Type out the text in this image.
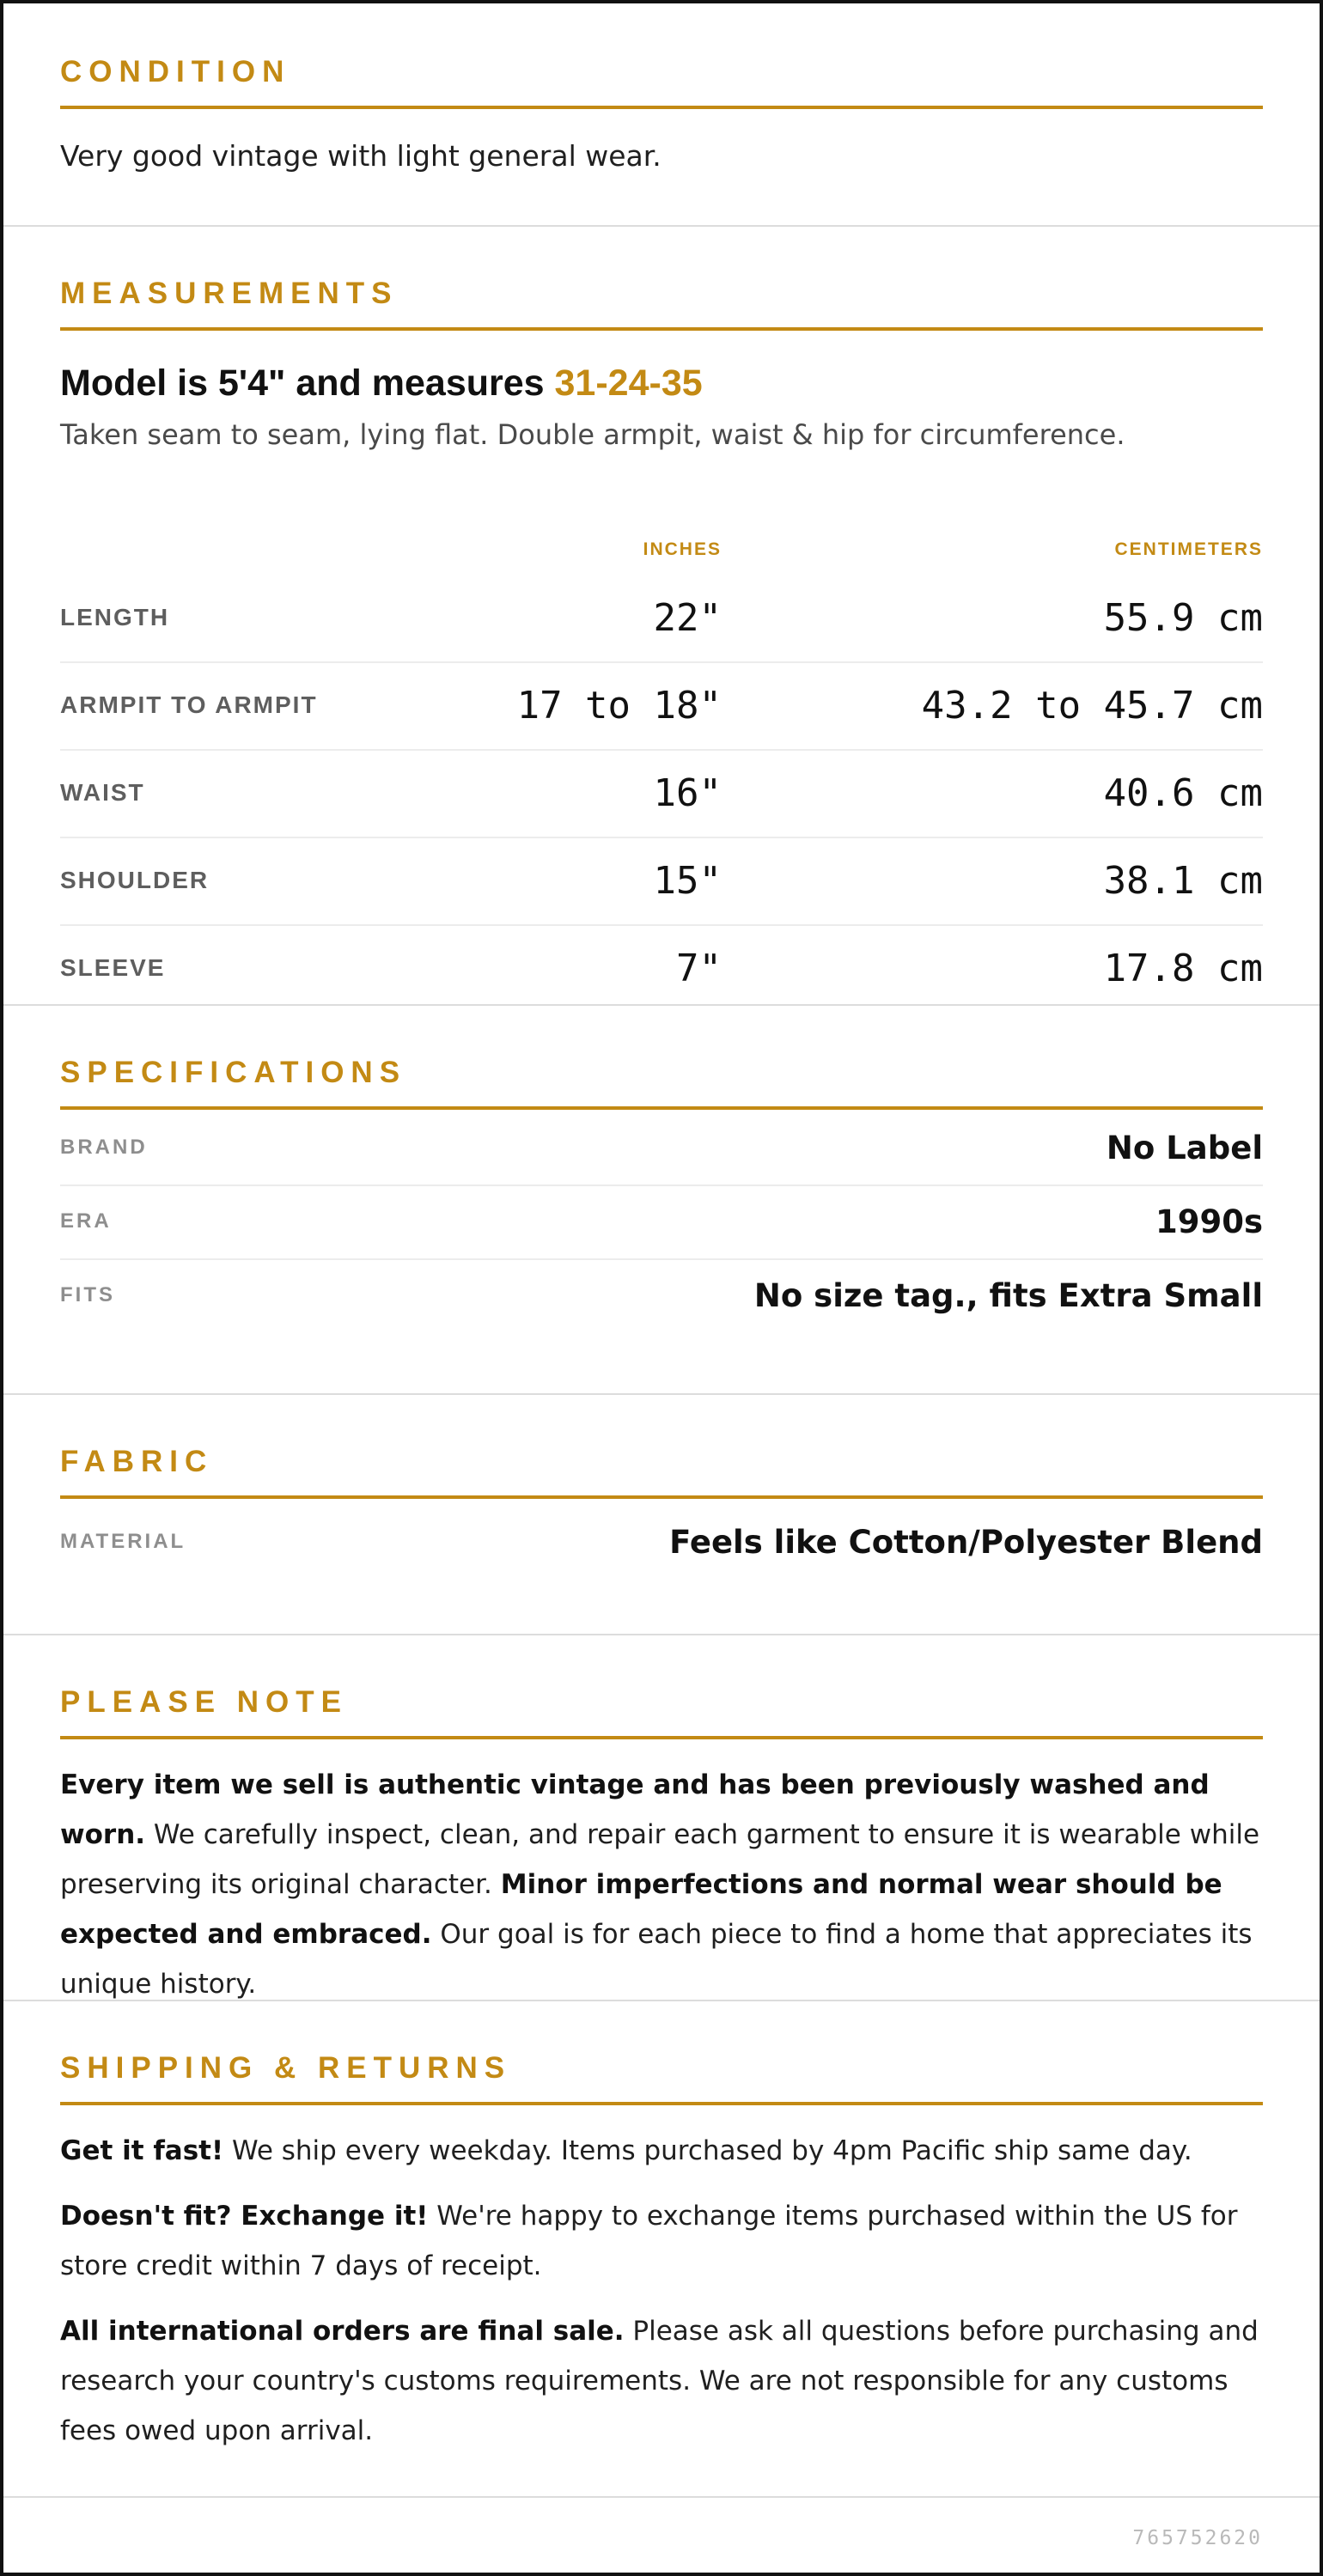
CONDITION

Very good vintage with light general wear.

MEASUREMENTS

Model is 5'4" and measures 31-24-35

Taken seam to seam, lying flat. Double armpit, waist & hip for circumference.

INCHES	CENTIMETERS
LENGTH	22"	55.9 cm
ARMPIT TO ARMPIT	17 to 18"	43.2 to 45.7 cm
WAIST	16"	40.6 cm
SHOULDER	15"	38.1 cm
SLEEVE	7"	17.8 cm
SPECIFICATIONS
BRAND	No Label
ERA	1990s
FITS	No size tag., fits Extra Small
FABRIC
MATERIAL	Feels like Cotton/Polyester Blend
PLEASE NOTE

Every item we sell is authentic vintage and has been previously washed and worn. We carefully inspect, clean, and repair each garment to ensure it is wearable while preserving its original character. Minor imperfections and normal wear should be expected and embraced. Our goal is for each piece to find a home that appreciates its unique history.

SHIPPING & RETURNS

Get it fast! We ship every weekday. Items purchased by 4pm Pacific ship same day.

Doesn't fit? Exchange it! We're happy to exchange items purchased within the US for store credit within 7 days of receipt.

All international orders are final sale. Please ask all questions before purchasing and research your country's customs requirements. We are not responsible for any customs fees owed upon arrival.

765752620
